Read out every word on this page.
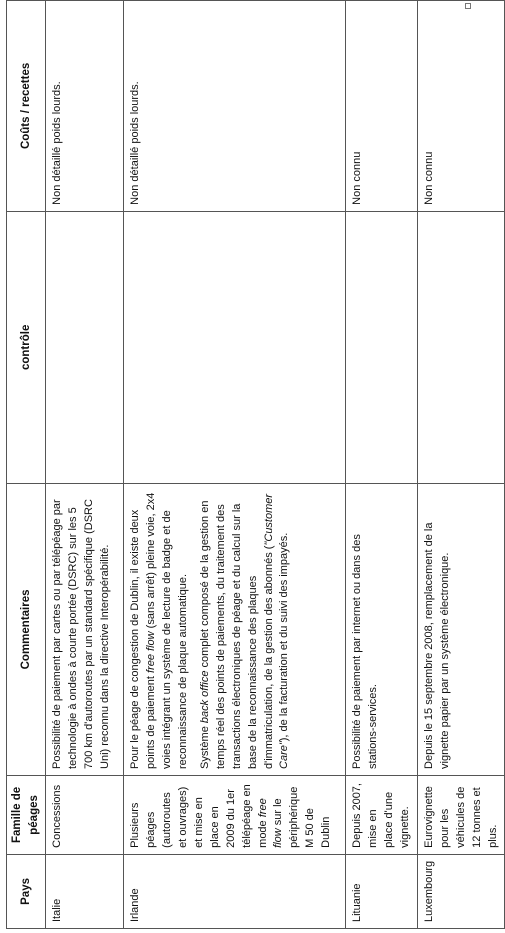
Pays	Famille de péages	Commentaires	contrôle	Coûts / recettes
Italie	Concessions	Possibilité de paiement par cartes ou par télépéage par technologie à ondes à courte portée (DSRC) sur les 5 700 km d'autoroutes par un standard spécifique (DSRC Uni) reconnu dans la directive Interopérabilité.		Non détaillé poids lourds.
Irlande	Plusieurs péages (autoroutes et ouvrages) et mise en place en 2009 du 1er télépéage en mode free flow sur le périphérique M 50 de Dublin	Pour le péage de congestion de Dublin, il existe deux points de paiement free flow (sans arrêt) pleine voie, 2x4 voies intégrant un système de lecture de badge et de reconnaissance de plaque automatique. Système back office complet composé de la gestion en temps réel des points de paiements, du traitement des transactions électroniques de péage et du calcul sur la base de la reconnaissance des plaques d'immatriculation, de la gestion des abonnés ("Customer Care"), de la facturation et du suivi des impayés.		Non détaillé poids lourds.
Lituanie	Depuis 2007, mise en place d'une vignette.	Possibilité de paiement par internet ou dans des stations-services.		Non connu
Luxembourg	Eurovignette pour les véhicules de 12 tonnes et plus.	Depuis le 15 septembre 2008, remplacement de la vignette papier par un système électronique.		Non connu
